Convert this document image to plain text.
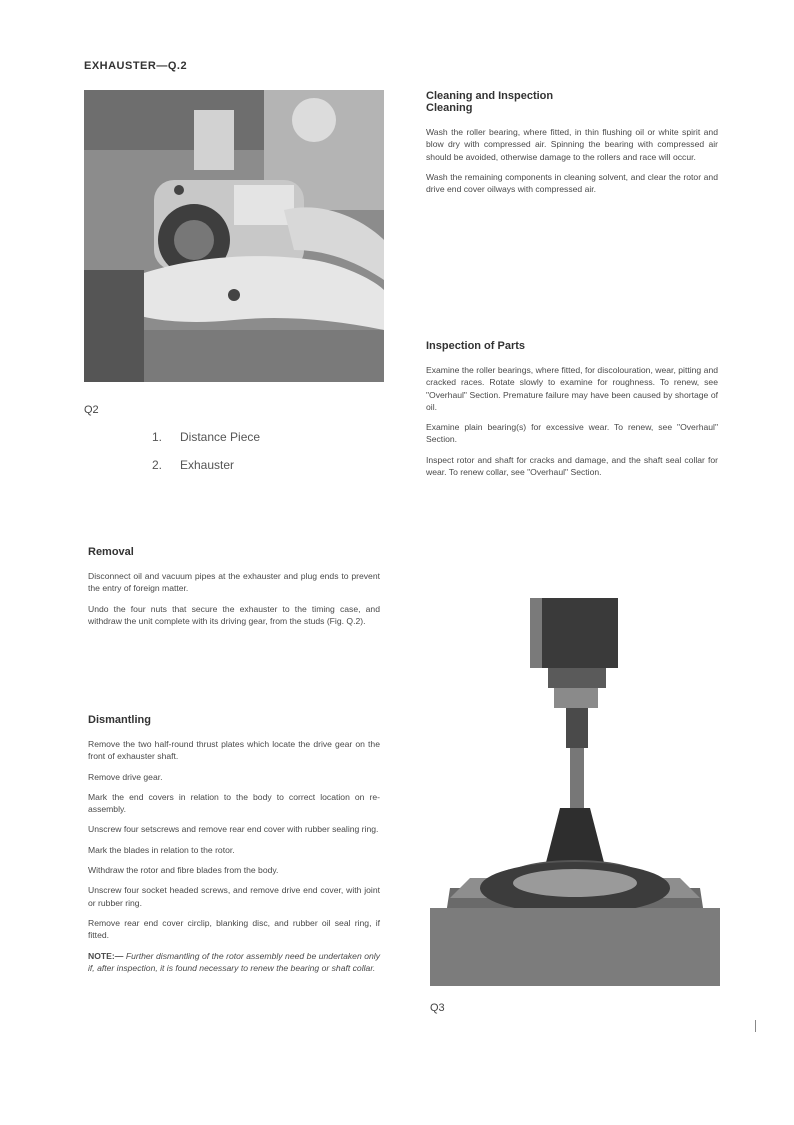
EXHAUSTER—Q.2
Q2
1. Distance Piece
2. Exhauster
Removal

Disconnect oil and vacuum pipes at the exhauster and plug ends to prevent the entry of foreign matter.

Undo the four nuts that secure the exhauster to the timing case, and withdraw the unit complete with its driving gear, from the studs (Fig. Q.2).

Dismantling

Remove the two half-round thrust plates which locate the drive gear on the front of exhauster shaft.

Remove drive gear.

Mark the end covers in relation to the body to correct location on re-assembly.

Unscrew four setscrews and remove rear end cover with rubber sealing ring.

Mark the blades in relation to the rotor.

Withdraw the rotor and fibre blades from the body.

Unscrew four socket headed screws, and remove drive end cover, with joint or rubber ring.

Remove rear end cover circlip, blanking disc, and rubber oil seal ring, if fitted.

NOTE:— Further dismantling of the rotor assembly need be undertaken only if, after inspection, it is found necessary to renew the bearing or shaft collar.

Cleaning and Inspection
Cleaning

Wash the roller bearing, where fitted, in thin flushing oil or white spirit and blow dry with compressed air. Spinning the bearing with compressed air should be avoided, otherwise damage to the rollers and race will occur.

Wash the remaining components in cleaning solvent, and clear the rotor and drive end cover oilways with compressed air.

Inspection of Parts

Examine the roller bearings, where fitted, for discolouration, wear, pitting and cracked races. Rotate slowly to examine for roughness. To renew, see "Overhaul" Section. Premature failure may have been caused by shortage of oil.

Examine plain bearing(s) for excessive wear. To renew, see "Overhaul" Section.

Inspect rotor and shaft for cracks and damage, and the shaft seal collar for wear. To renew collar, see "Overhaul" Section.

Q3
